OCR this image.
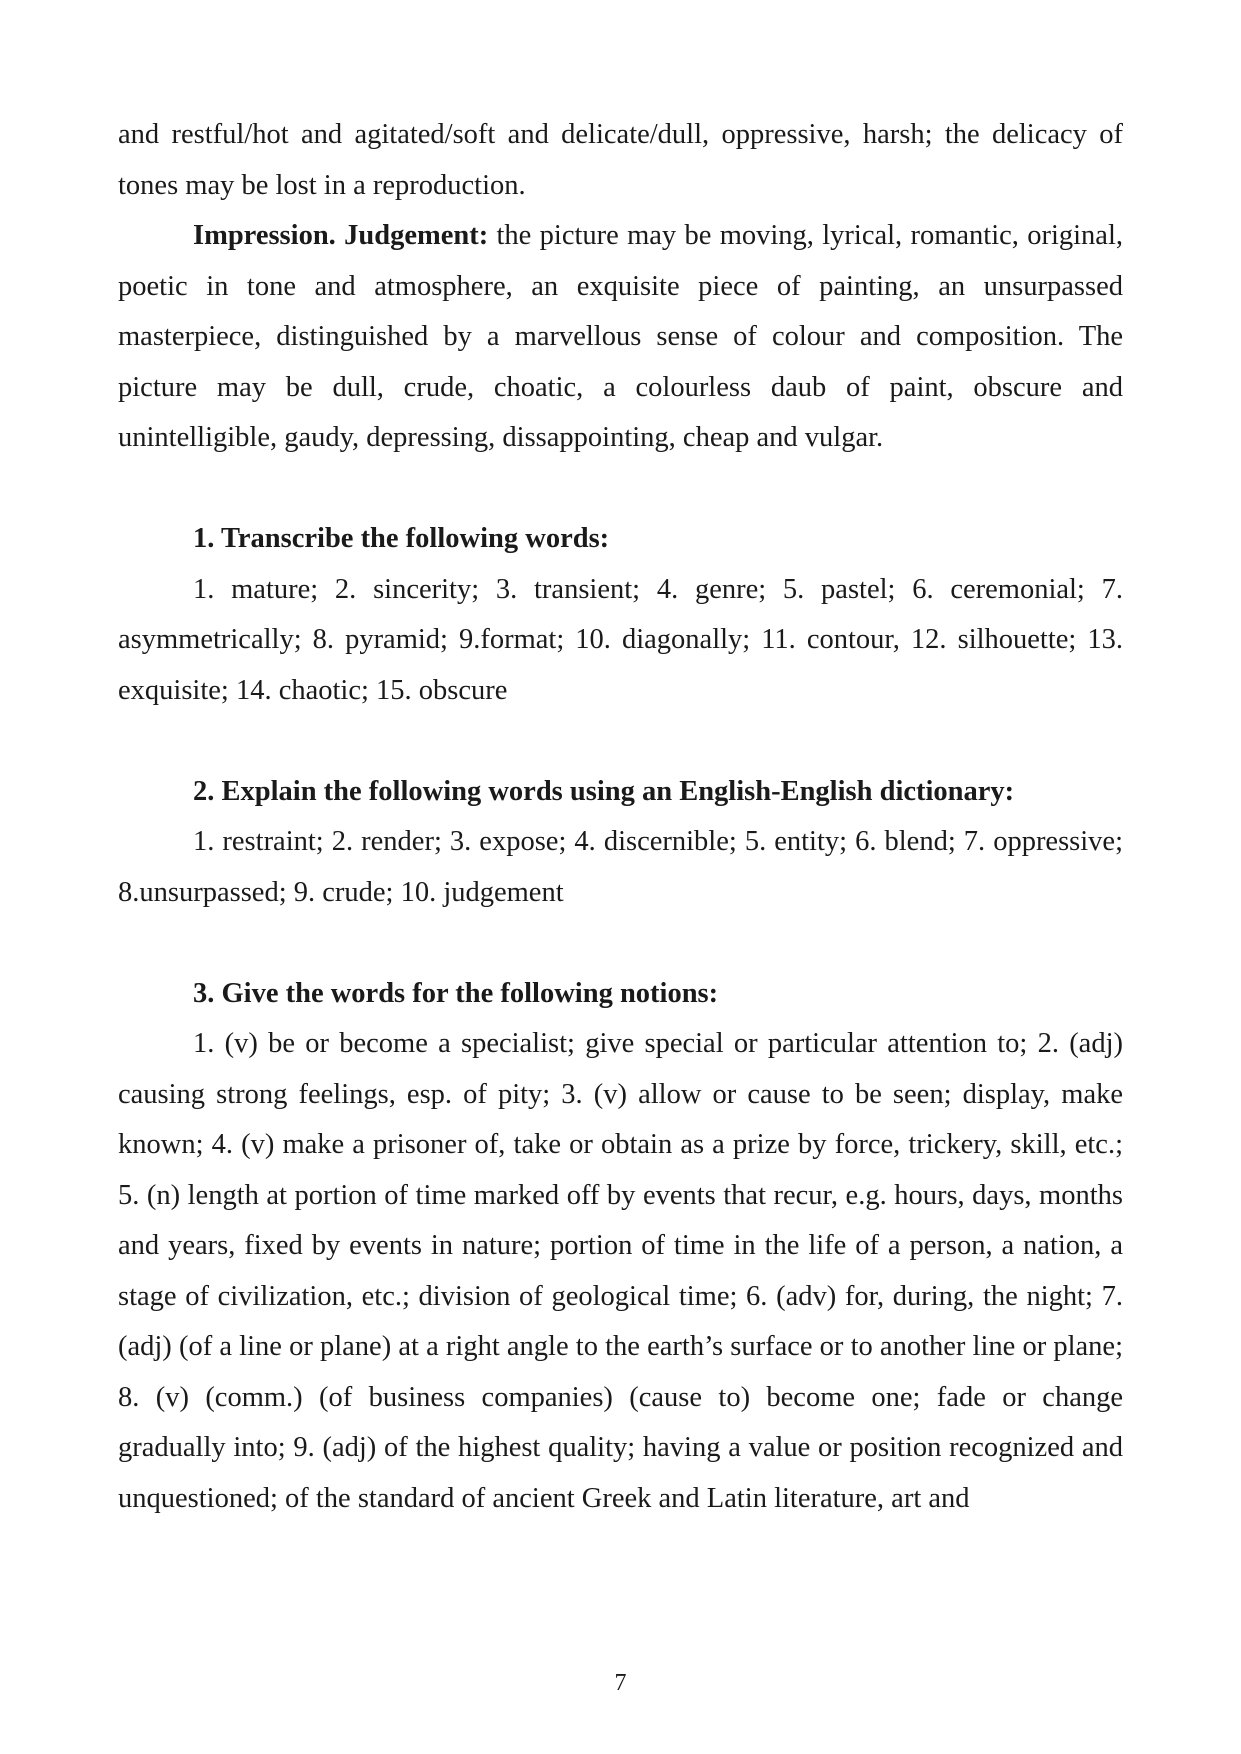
and restful/hot and agitated/soft and delicate/dull, oppressive, harsh; the delicacy of tones may be lost in a reproduction.

Impression. Judgement: the picture may be moving, lyrical, romantic, original, poetic in tone and atmosphere, an exquisite piece of painting, an unsurpassed masterpiece, distinguished by a marvellous sense of colour and composition. The picture may be dull, crude, choatic, a colourless daub of paint, obscure and unintelligible, gaudy, depressing, dissappointing, cheap and vulgar.

1. Transcribe the following words:

1. mature; 2. sincerity; 3. transient; 4. genre; 5. pastel; 6. ceremonial; 7. asymmetrically; 8. pyramid; 9.format; 10. diagonally; 11. contour, 12. silhouette; 13. exquisite; 14. chaotic; 15. obscure

2. Explain the following words using an English-English dictionary:

1. restraint; 2. render; 3. expose; 4. discernible; 5. entity; 6. blend; 7. oppressive; 8.unsurpassed; 9. crude; 10. judgement

3. Give the words for the following notions:

1. (v) be or become a specialist; give special or particular attention to; 2. (adj) causing strong feelings, esp. of pity; 3. (v) allow or cause to be seen; display, make known; 4. (v) make a prisoner of, take or obtain as a prize by force, trickery, skill, etc.; 5. (n) length at portion of time marked off by events that recur, e.g. hours, days, months and years, fixed by events in nature; portion of time in the life of a person, a nation, a stage of civilization, etc.; division of geological time; 6. (adv) for, during, the night; 7. (adj) (of a line or plane) at a right angle to the earth’s surface or to another line or plane; 8. (v) (comm.) (of business companies) (cause to) become one; fade or change gradually into; 9. (adj) of the highest quality; having a value or position recognized and unquestioned; of the standard of ancient Greek and Latin literature, art and

7
